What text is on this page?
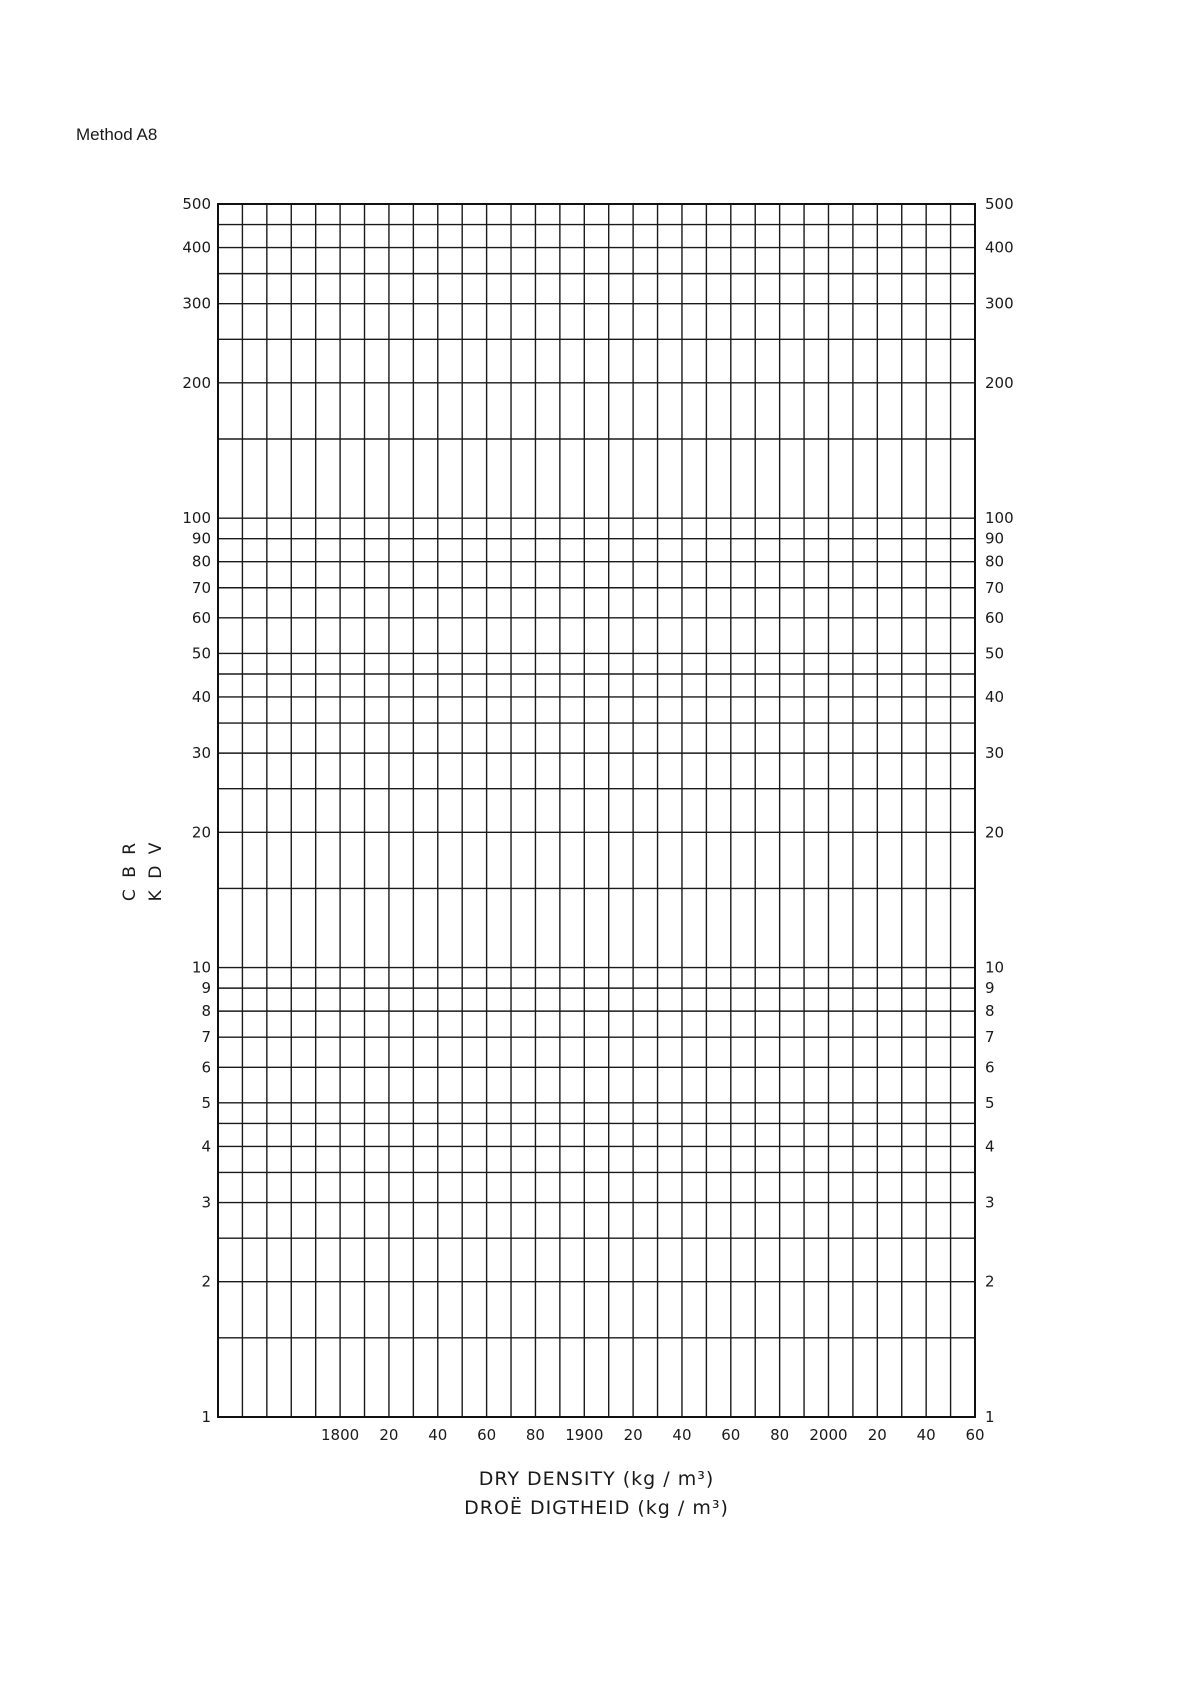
Method A8
500	500
400	400
300	300
200	200
100	100
90	90
80	80
70	70
60	60
50	50
40	40
30	30
20	20
10	10
9	9
8	8
7	7
6	6
5	5
4	4
3	3
2	2
1	1
1800 20 40 60 80 1900 20 40 60 80 2000 20 40 60
DRY DENSITY (kg / m³)
DROË DIGTHEID (kg / m³)
C B R K D V
